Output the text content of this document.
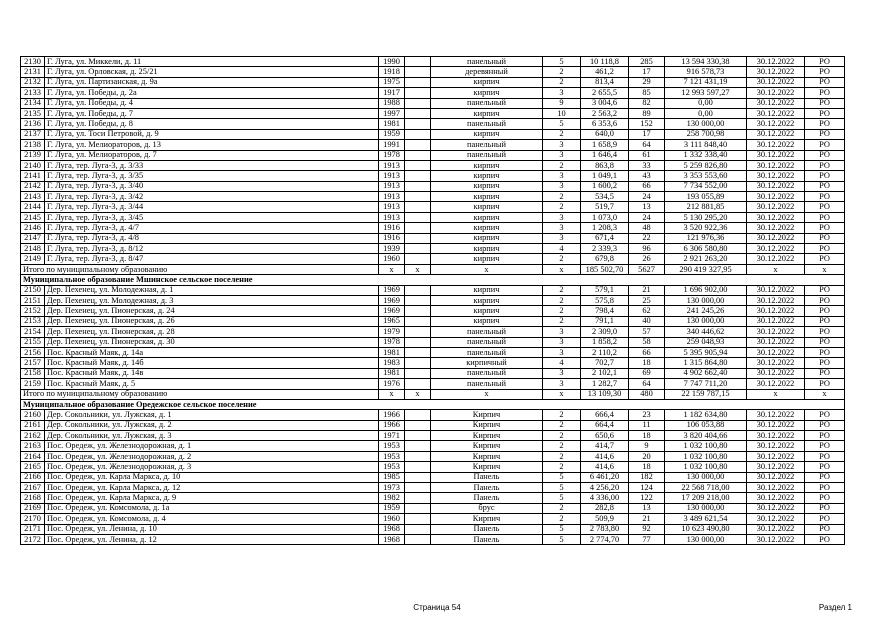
2130	Г. Луга, ул. Миккели, д. 11	1990		панельный	5	10 118,8	285	13 594 330,38	30.12.2022	РО
2131	Г. Луга, ул. Орловская, д. 25/21	1918		деревянный	2	461,2	17	916 578,73	30.12.2022	РО
2132	Г. Луга, ул. Партизанская, д. 9а	1975		кирпич	2	813,4	29	7 121 431,19	30.12.2022	РО
2133	Г. Луга, ул. Победы, д. 2а	1917		кирпич	3	2 655,5	85	12 993 597,27	30.12.2022	РО
2134	Г. Луга, ул. Победы, д. 4	1988		панельный	9	3 004,6	82	0,00	30.12.2022	РО
2135	Г. Луга, ул. Победы, д. 7	1997		кирпич	10	2 563,2	89	0,00	30.12.2022	РО
2136	Г. Луга, ул. Победы, д. 8	1981		панельный	5	6 353,6	152	130 000,00	30.12.2022	РО
2137	Г. Луга, ул. Тоси Петровой, д. 9	1959		кирпич	2	640,0	17	258 700,98	30.12.2022	РО
2138	Г. Луга, ул. Мелиораторов, д. 13	1991		панельный	3	1 658,9	64	3 111 848,40	30.12.2022	РО
2139	Г. Луга, ул. Мелиораторов, д. 7	1978		панельный	3	1 646,4	61	1 332 338,40	30.12.2022	РО
2140	Г. Луга, тер. Луга-3, д. 3/33	1913		кирпич	2	863,8	33	5 259 826,80	30.12.2022	РО
2141	Г. Луга, тер. Луга-3, д. 3/35	1913		кирпич	3	1 049,1	43	3 353 553,60	30.12.2022	РО
2142	Г. Луга, тер. Луга-3, д. 3/40	1913		кирпич	3	1 600,2	66	7 734 552,00	30.12.2022	РО
2143	Г. Луга, тер. Луга-3, д. 3/42	1913		кирпич	2	534,5	24	193 055,89	30.12.2022	РО
2144	Г. Луга, тер. Луга-3, д. 3/44	1913		кирпич	2	519,7	13	212 881,85	30.12.2022	РО
2145	Г. Луга, тер. Луга-3, д. 3/45	1913		кирпич	3	1 073,0	24	5 130 295,20	30.12.2022	РО
2146	Г. Луга, тер. Луга-3, д. 4/7	1916		кирпич	3	1 208,3	48	3 520 922,36	30.12.2022	РО
2147	Г. Луга, тер. Луга-3, д. 4/8	1916		кирпич	3	671,4	22	121 976,36	30.12.2022	РО
2148	Г. Луга, тер. Луга-3, д. 8/12	1939		кирпич	4	2 339,3	96	6 306 580,80	30.12.2022	РО
2149	Г. Луга, тер. Луга-3, д. 8/47	1960		кирпич	2	679,8	26	2 921 263,20	30.12.2022	РО
Итого по муниципальному образованию		x	x	x	x	185 502,70	5627	290 419 327,95	x	x
Муниципальное образование Мшинское сельское поселение										
2150	Дер. Пехенец, ул. Молодежная, д. 1	1969		кирпич	2	579,1	21	1 696 902,00	30.12.2022	РО
2151	Дер. Пехенец, ул. Молодежная, д. 3	1969		кирпич	2	575,8	25	130 000,00	30.12.2022	РО
2152	Дер. Пехенец, ул. Пионерская, д. 24	1969		кирпич	2	798,4	62	241 245,26	30.12.2022	РО
2153	Дер. Пехенец, ул. Пионерская, д. 26	1965		кирпич	2	791,1	40	130 000,00	30.12.2022	РО
2154	Дер. Пехенец, ул. Пионерская, д. 28	1979		панельный	3	2 309,0	57	340 446,62	30.12.2022	РО
2155	Дер. Пехенец, ул. Пионерская, д. 30	1978		панельный	3	1 858,2	58	259 048,93	30.12.2022	РО
2156	Пос. Красный Маяк, д. 14а	1981		панельный	3	2 110,2	66	5 395 905,94	30.12.2022	РО
2157	Пос. Красный Маяк, д. 14б	1983		кирпичный	4	702,7	18	1 315 864,80	30.12.2022	РО
2158	Пос. Красный Маяк, д. 14в	1981		панельный	3	2 102,1	69	4 902 662,40	30.12.2022	РО
2159	Пос. Красный Маяк, д. 5	1976		панельный	3	1 282,7	64	7 747 711,20	30.12.2022	РО
Итого по муниципальному образованию		x	x	x	x	13 109,30	480	22 159 787,15	x	x
Муниципальное образование Оредежское сельское поселение										
2160	Дер. Сокольники, ул. Лужская, д. 1	1966		Кирпич	2	666,4	23	1 182 634,80	30.12.2022	РО
2161	Дер. Сокольники, ул. Лужская, д. 2	1966		Кирпич	2	664,4	11	106 053,88	30.12.2022	РО
2162	Дер. Сокольники, ул. Лужская, д. 3	1971		Кирпич	2	650,6	18	3 820 404,66	30.12.2022	РО
2163	Пос. Оредеж, ул. Железнодорожная, д. 1	1953		Кирпич	2	414,7	9	1 032 100,80	30.12.2022	РО
2164	Пос. Оредеж, ул. Железнодорожная, д. 2	1953		Кирпич	2	414,6	20	1 032 100,80	30.12.2022	РО
2165	Пос. Оредеж, ул. Железнодорожная, д. 3	1953		Кирпич	2	414,6	18	1 032 100,80	30.12.2022	РО
2166	Пос. Оредеж, ул. Карла Маркса, д. 10	1985		Панель	5	6 461,20	182	130 000,00	30.12.2022	РО
2167	Пос. Оредеж, ул. Карла Маркса, д. 12	1973		Панель	5	4 256,20	124	22 568 718,00	30.12.2022	РО
2168	Пос. Оредеж, ул. Карла Маркса, д. 9	1982		Панель	5	4 336,00	122	17 209 218,00	30.12.2022	РО
2169	Пос. Оредеж, ул. Комсомола, д. 1а	1959		брус	2	282,8	13	130 000,00	30.12.2022	РО
2170	Пос. Оредеж, ул. Комсомола, д. 4	1960		Кирпич	2	509,9	21	3 489 621,54	30.12.2022	РО
2171	Пос. Оредеж, ул. Ленина, д. 10	1968		Панель	5	2 783,80	92	10 623 490,80	30.12.2022	РО
2172	Пос. Оредеж, ул. Ленина, д. 12	1968		Панель	5	2 774,70	77	130 000,00	30.12.2022	РО
Страница 54	Раздел 1
